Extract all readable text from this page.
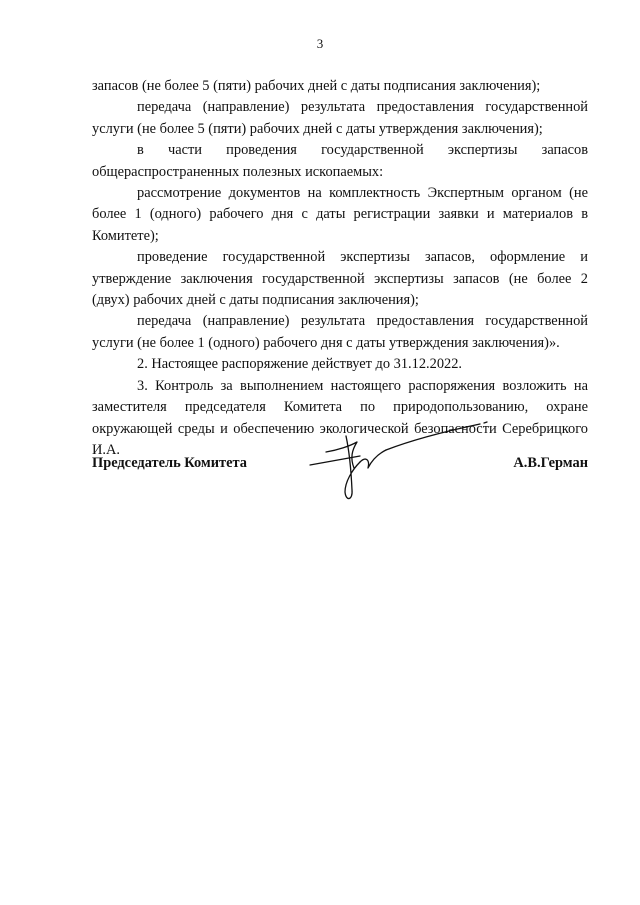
3

запасов (не более 5 (пяти) рабочих дней с даты подписания заключения);

передача (направление) результата предоставления государственной услуги (не более 5 (пяти) рабочих дней с даты утверждения заключения);

в части проведения государственной экспертизы запасов общераспространенных полезных ископаемых:

рассмотрение документов на комплектность Экспертным органом (не более 1 (одного) рабочего дня с даты регистрации заявки и материалов в Комитете);

проведение государственной экспертизы запасов, оформление и утверждение заключения государственной экспертизы запасов (не более 2 (двух) рабочих дней с даты подписания заключения);

передача (направление) результата предоставления государственной услуги (не более 1 (одного) рабочего дня с даты утверждения заключения)».

2. Настоящее распоряжение действует до 31.12.2022.

3. Контроль за выполнением настоящего распоряжения возложить на заместителя председателя Комитета по природопользованию, охране окружающей среды и обеспечению экологической безопасности Серебрицкого И.А.

Председатель Комитета	А.В.Герман
